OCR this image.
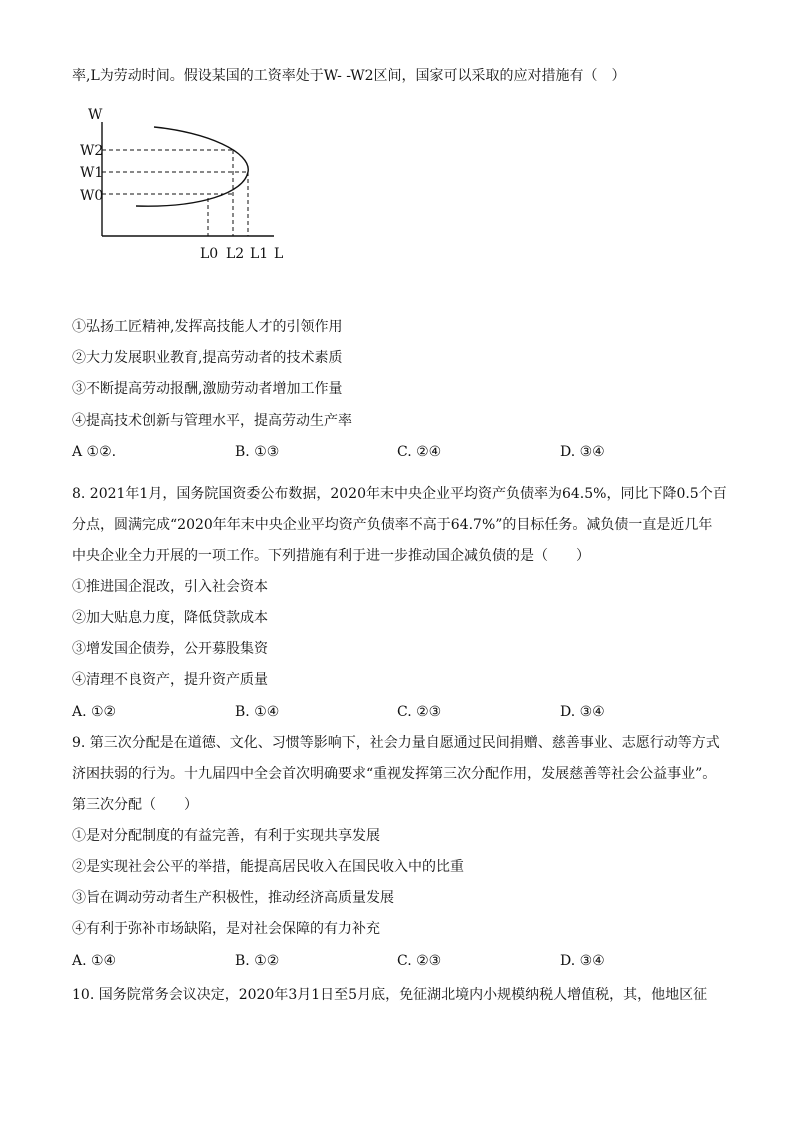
率,L为劳动时间。假设某国的工资率处于W- -W2区间，国家可以采取的应对措施有（　）
W
W2
W1
W0
L0 L2 L1 L
①弘扬工匠精神,发挥高技能人才的引领作用
②大力发展职业教育,提高劳动者的技术素质
③不断提高劳动报酬,激励劳动者增加工作量
④提高技术创新与管理水平，提高劳动生产率
A ①②.	B. ①③	C. ②④	D. ③④
8. 2021年1月，国务院国资委公布数据，2020年末中央企业平均资产负债率为64.5%，同比下降0.5个百
分点，圆满完成“2020年年末中央企业平均资产负债率不高于64.7%”的目标任务。减负债一直是近几年
中央企业全力开展的一项工作。下列措施有利于进一步推动国企减负债的是（　　）
①推进国企混改，引入社会资本
②加大贴息力度，降低贷款成本
③增发国企债券，公开募股集资
④清理不良资产，提升资产质量
A. ①②	B. ①④	C. ②③	D. ③④
9. 第三次分配是在道德、文化、习惯等影响下，社会力量自愿通过民间捐赠、慈善事业、志愿行动等方式
济困扶弱的行为。十九届四中全会首次明确要求“重视发挥第三次分配作用，发展慈善等社会公益事业”。
第三次分配（　　）
①是对分配制度的有益完善，有利于实现共享发展
②是实现社会公平的举措，能提高居民收入在国民收入中的比重
③旨在调动劳动者生产积极性，推动经济高质量发展
④有利于弥补市场缺陷，是对社会保障的有力补充
A. ①④	B. ①②	C. ②③	D. ③④
10. 国务院常务会议决定，2020年3月1日至5月底，免征湖北境内小规模纳税人增值税，其，他地区征
